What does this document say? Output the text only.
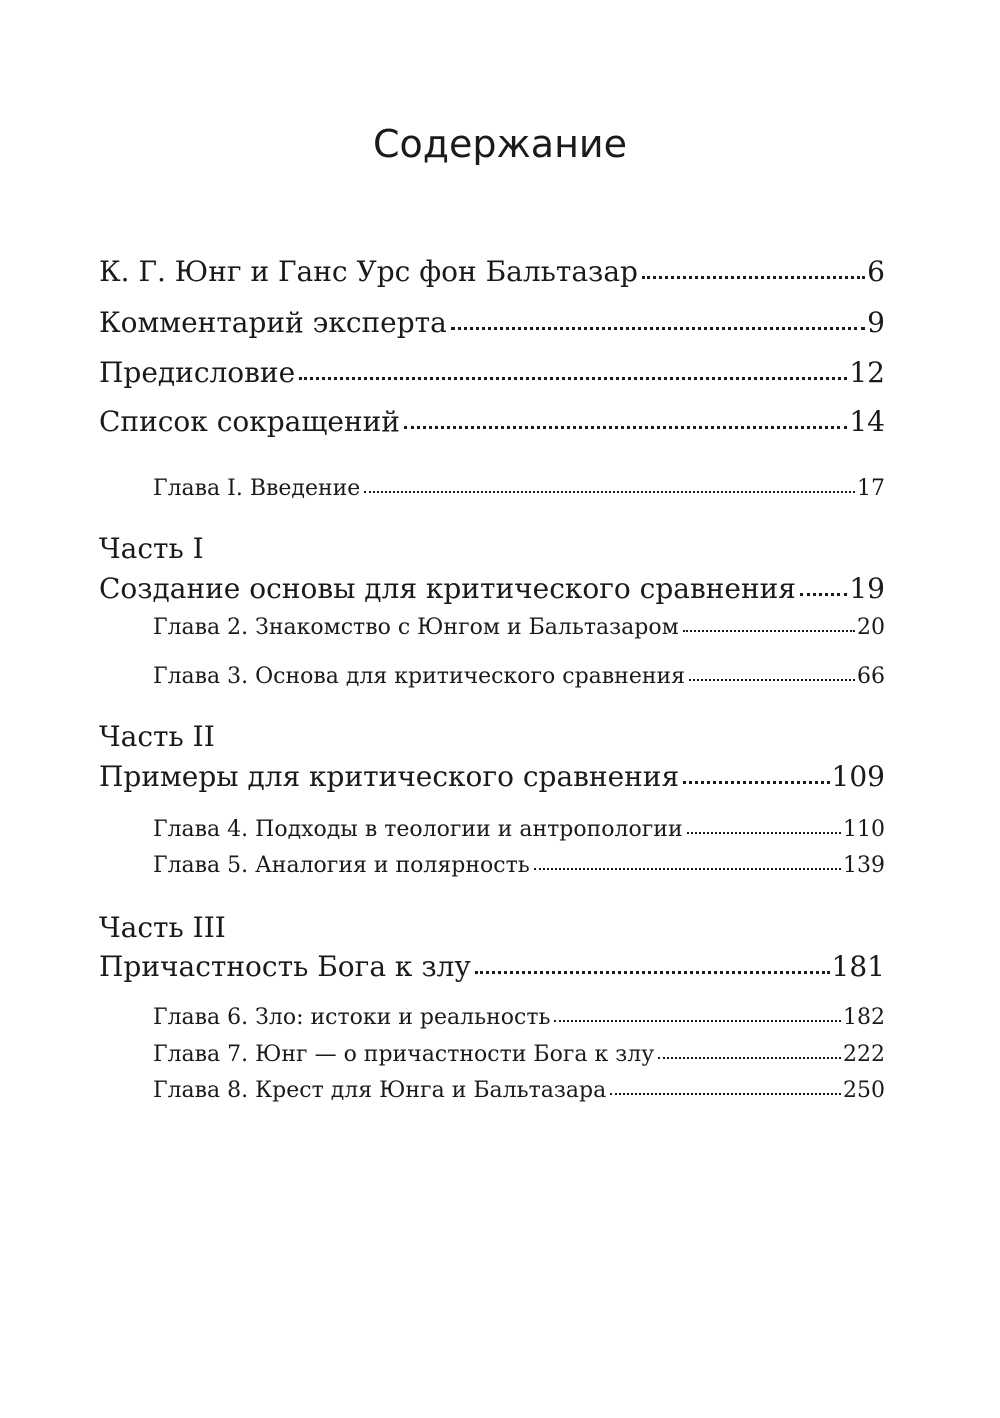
Содержание
К. Г. Юнг и Ганс Урс фон Бальтазар	6
Комментарий эксперта	9
Предисловие	12
Список сокращений	14
Глава I. Введение	17
Часть I
Создание основы для критического сравнения 19
Глава 2. Знакомство с Юнгом и Бальтазаром	20
Глава 3. Основа для критического сравнения	66
Часть II
Примеры для критического сравнения	109
Глава 4. Подходы в теологии и антропологии	110
Глава 5. Аналогия и полярность	139
Часть III
Причастность Бога к злу	181
Глава 6. Зло: истоки и реальность	182
Глава 7. Юнг — о причастности Бога к злу	222
Глава 8. Крест для Юнга и Бальтазара	250
